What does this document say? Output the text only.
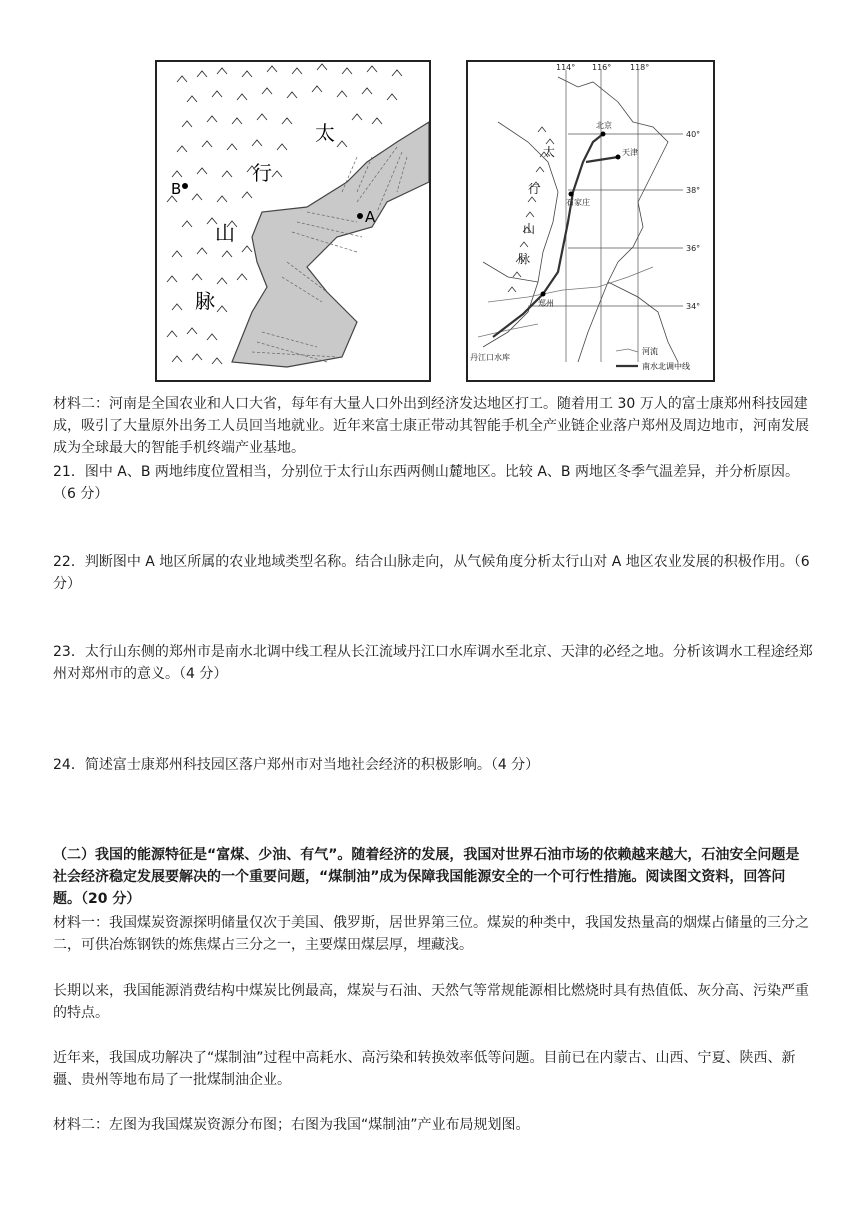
太
行
山
脉
B
A
114° 116° 118°
40°
38°
36°
34°
北京
天津
石家庄
郑州
丹江口水库
太
行
山
脉
河流
南水北调中线

材料二：河南是全国农业和人口大省，每年有大量人口外出到经济发达地区打工。随着用工 30 万人的富士康郑州科技园建成，吸引了大量原外出务工人员回当地就业。近年来富士康正带动其智能手机全产业链企业落户郑州及周边地市，河南发展成为全球最大的智能手机终端产业基地。

21．图中 A、B 两地纬度位置相当，分别位于太行山东西两侧山麓地区。比较 A、B 两地区冬季气温差异，并分析原因。（6 分）

22．判断图中 A 地区所属的农业地域类型名称。结合山脉走向，从气候角度分析太行山对 A 地区农业发展的积极作用。（6 分）

23．太行山东侧的郑州市是南水北调中线工程从长江流域丹江口水库调水至北京、天津的必经之地。分析该调水工程途经郑州对郑州市的意义。（4 分）

24．简述富士康郑州科技园区落户郑州市对当地社会经济的积极影响。（4 分）

（二）我国的能源特征是“富煤、少油、有气”。随着经济的发展，我国对世界石油市场的依赖越来越大，石油安全问题是社会经济稳定发展要解决的一个重要问题，“煤制油”成为保障我国能源安全的一个可行性措施。阅读图文资料，回答问题。（20 分）

材料一：我国煤炭资源探明储量仅次于美国、俄罗斯，居世界第三位。煤炭的种类中，我国发热量高的烟煤占储量的三分之二，可供冶炼钢铁的炼焦煤占三分之一，主要煤田煤层厚，埋藏浅。

长期以来，我国能源消费结构中煤炭比例最高，煤炭与石油、天然气等常规能源相比燃烧时具有热值低、灰分高、污染严重的特点。

近年来，我国成功解决了“煤制油”过程中高耗水、高污染和转换效率低等问题。目前已在内蒙古、山西、宁夏、陕西、新疆、贵州等地布局了一批煤制油企业。

材料二：左图为我国煤炭资源分布图；右图为我国“煤制油”产业布局规划图。
